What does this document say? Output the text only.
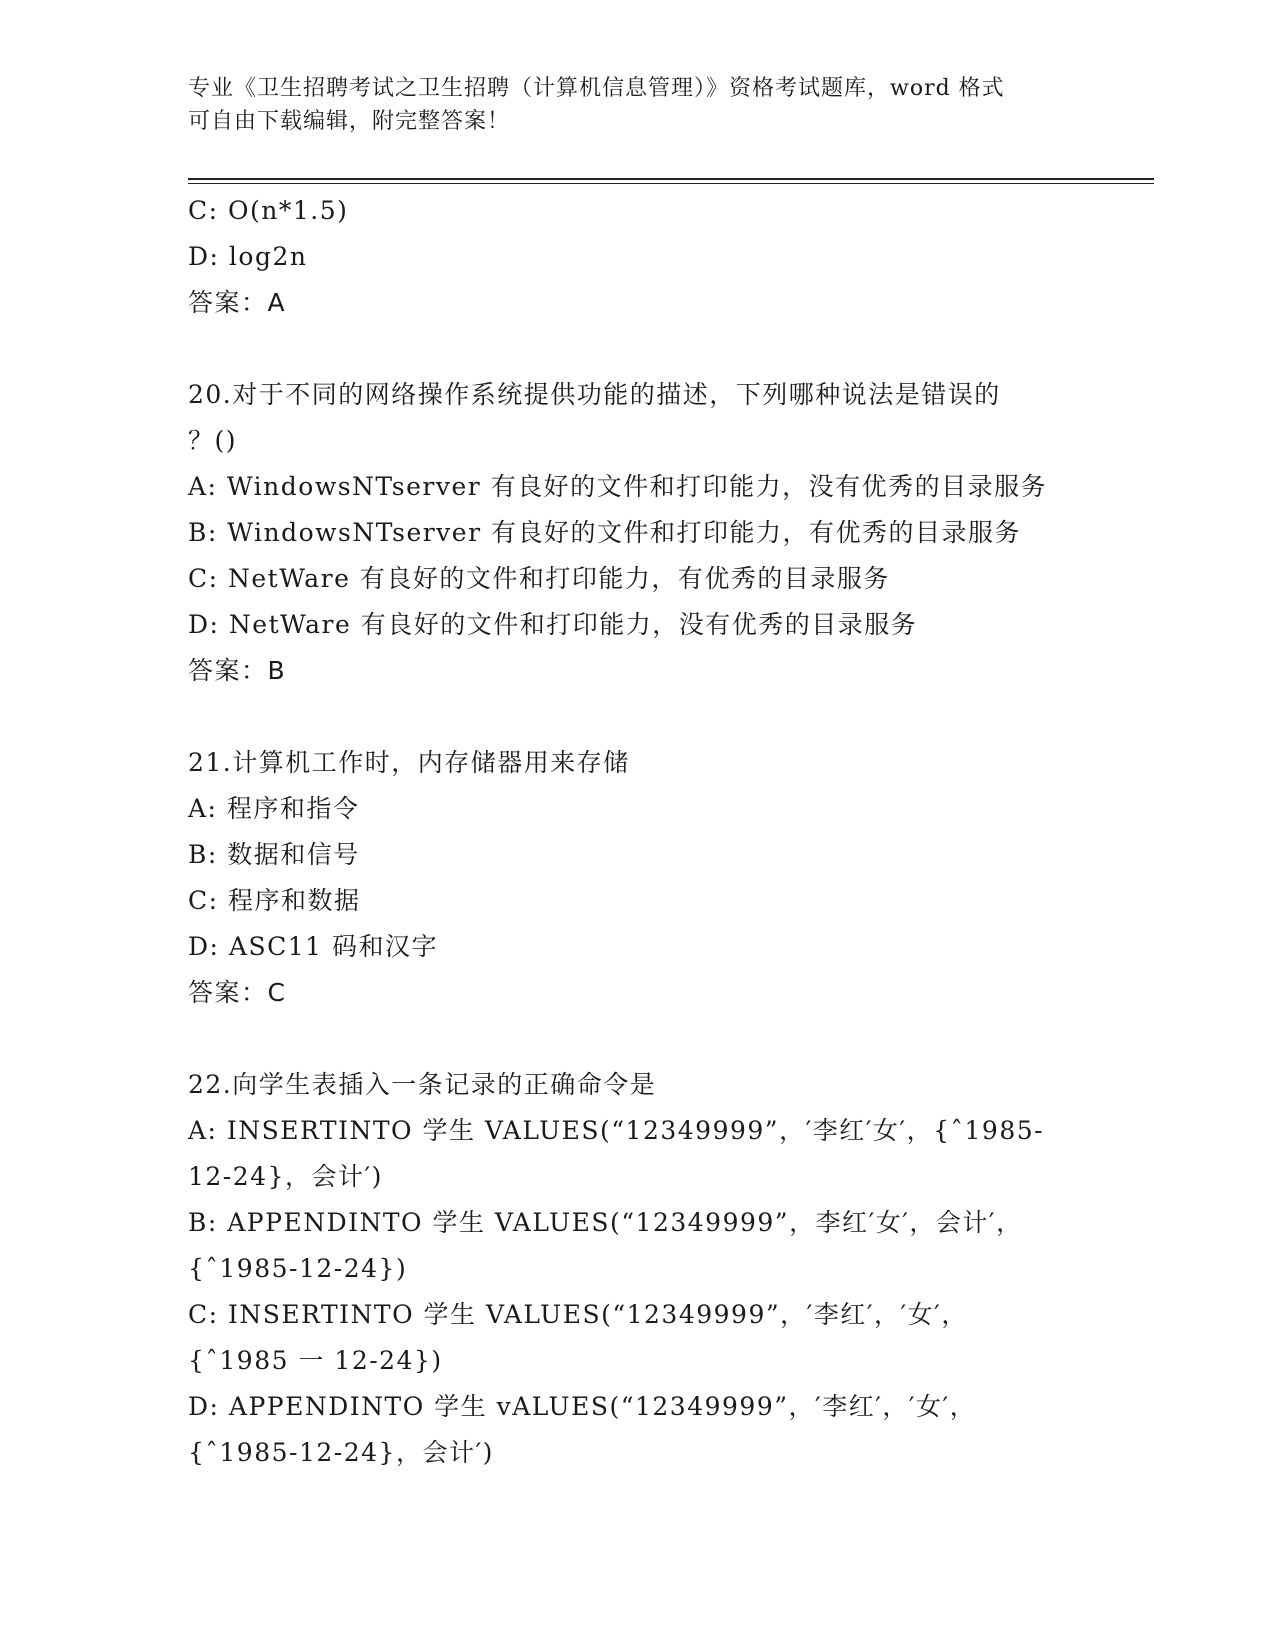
专业《卫生招聘考试之卫生招聘（计算机信息管理）》资格考试题库，word 格式
可自由下载编辑，附完整答案！
C: O(n*1.5)
D: log2n
答案：A
20.对于不同的网络操作系统提供功能的描述，下列哪种说法是错误的
？()
A: WindowsNTserver 有良好的文件和打印能力，没有优秀的目录服务
B: WindowsNTserver 有良好的文件和打印能力，有优秀的目录服务
C: NetWare 有良好的文件和打印能力，有优秀的目录服务
D: NetWare 有良好的文件和打印能力，没有优秀的目录服务
答案：B
21.计算机工作时，内存储器用来存储
A: 程序和指令
B: 数据和信号
C: 程序和数据
D: ASC11 码和汉字
答案：C
22.向学生表插入一条记录的正确命令是
A: INSERTINTO 学生 VALUES(“12349999”，′李红′女′，{ˆ1985-
12-24}，会计′)
B: APPENDINTO 学生 VALUES(“12349999”，李红′女′，会计′，
{ˆ1985-12-24})
C: INSERTINTO 学生 VALUES(“12349999”，′李红′，′女′，
{ˆ1985 一 12-24})
D: APPENDINTO 学生 vALUES(“12349999”，′李红′，′女′，
{ˆ1985-12-24}，会计′)
